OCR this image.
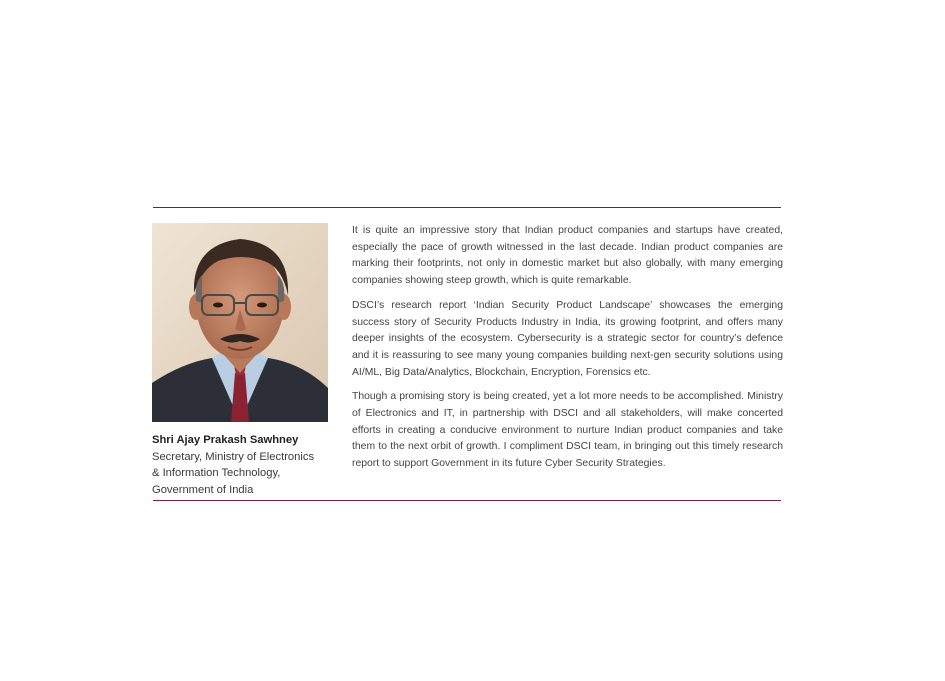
Shri Ajay Prakash Sawhney
Secretary, Ministry of Electronics
& Information Technology,
Government of India

It is quite an impressive story that Indian product companies and startups have created, especially the pace of growth witnessed in the last decade. Indian product companies are marking their footprints, not only in domestic market but also globally, with many emerging companies showing steep growth, which is quite remarkable.

DSCI’s research report ‘Indian Security Product Landscape’ showcases the emerging success story of Security Products Industry in India, its growing footprint, and offers many deeper insights of the ecosystem. Cybersecurity is a strategic sector for country’s defence and it is reassuring to see many young companies building next-gen security solutions using AI/ML, Big Data/Analytics, Blockchain, Encryption, Forensics etc.

Though a promising story is being created, yet a lot more needs to be accomplished. Ministry of Electronics and IT, in partnership with DSCI and all stakeholders, will make concerted efforts in creating a conducive environment to nurture Indian product companies and take them to the next orbit of growth. I compliment DSCI team, in bringing out this timely research report to support Government in its future Cyber Security Strategies.
